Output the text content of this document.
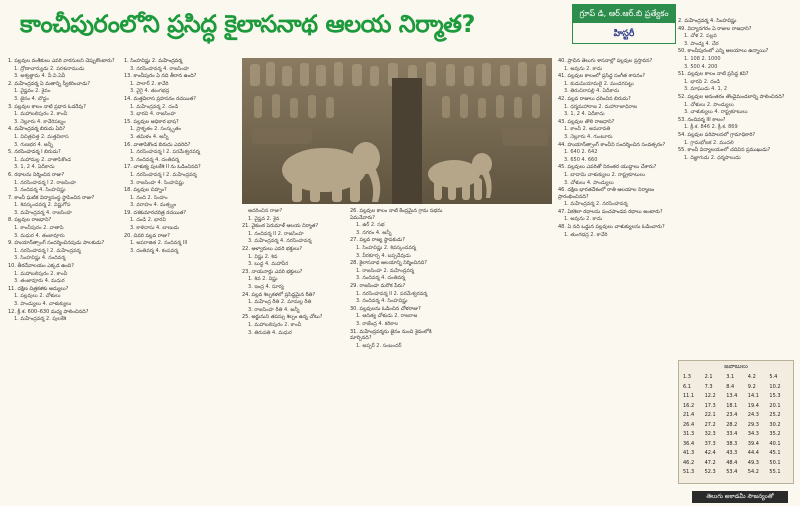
కాంచీపురంలోని ప్రసిద్ధ కైలాసనాథ ఆలయ నిర్మాత?	గ్రూప్ డి, ఆర్.ఆర్.బి ప్రత్యేకం
హిస్టరీ
1. పల్లవుల వంశీకులు ఎవరి వారసులని చెప్పుకొంటారు?
1. ద్రోణాచార్యుడు 2. పరశురాముడు
3. అశ్వత్థామ 4. వీ.వి.ఏవీ
2. మహేంద్రవర్మ ఏ మతాన్ని స్వీకరించాడు?
1. వైష్ణవం 2. శైవం
3. జైనం 4. బౌద్ధం
3. పల్లవుల కాలం నాటి ప్రధాన ఓడరేవు?
1. మహాబలిపురం 2. కాంచీ
3. నెల్లూరు 4. కావేరిపట్నం
4. మహేంద్రవర్మ బిరుదు ఏది?
1. విచిత్రచిత్త 2. మత్తవిలాస
3. గుణభర 4. అన్నీ
5. నరసింహవర్మ I బిరుదు?
1. మహామల్ల 2. వాతాపికొండ
3. 1, 2 4. ఏదీకాదు
6. రథాలను నిర్మించిన రాజు?
1. నరసింహవర్మ I 2. రాజసింహ
3. నందివర్మ 4. సింహవిష్ణు
7. కాంచీ ఘటిక విద్యాసంస్థ స్థాపించిన రాజు?
1. శివస్కందవర్మ 2. విష్ణుగోప
3. మహేంద్రవర్మ 4. రాజసింహ
8. పల్లవుల రాజధాని?
1. కాంచీపురం 2. వాతాపి
3. మధుర 4. తంజావూరు
9. హుయాన్‌త్సాంగ్ సందర్శించినపుడు పాలకుడు?
1. నరసింహవర్మ I 2. మహేంద్రవర్మ
3. సింహవిష్ణు 4. నందివర్మ
10. తీరదేవాలయం ఎక్కడ ఉంది?
1. మహాబలిపురం 2. కాంచీ
3. తంజావూరు 4. మధుర
11. దక్షిణ చిత్రకళకు ఆద్యులు?
1. పల్లవులు 2. చోళులు
3. పాండ్యులు 4. చాళుక్యులు
12. క్రీ.శ. 600–630 మధ్య పాలించినది?
1. మహేంద్రవర్మ 2. పులకేశి
1. సింహవిష్ణు 2. మహేంద్రవర్మ
3. నరసింహవర్మ 4. రాజసింహ
13. కాంచీపురం ఏ నది తీరాన ఉంది?
1. పాలార్ 2. కావేరి
3. వైగై 4. తుంగభద్ర
14. మత్తవిలాస ప్రహసనం రచయిత?
1. మహేంద్రవర్మ 2. దండి
3. భారవి 4. రాజసింహ
15. పల్లవుల అధికార భాష?
1. ప్రాకృతం 2. సంస్కృతం
3. తమిళం 4. అన్నీ
16. వాతాపికొండ బిరుదు ఎవరిది?
1. నరసింహవర్మ I 2. పరమేశ్వరవర్మ
3. నందివర్మ 4. దంతివర్మ
17. చాళుక్య పులకేశి II ను ఓడించినది?
1. నరసింహవర్మ I 2. మహేంద్రవర్మ
3. రాజసింహ 4. సింహవిష్ణు
18. పల్లవుల చిహ్నం?
1. నంది 2. సింహం
3. వరాహం 4. మత్స్యం
19. దశకుమారచరిత్ర రచయిత?
1. దండి 2. భారవి
3. కాళిదాసు 4. బాణుడు
20. చివరి పల్లవ రాజు?
1. అపరాజిత 2. నందివర్మ III
3. దంతివర్మ 4. కంపవర్మ
ఆదరించిన రాజు?
1. వైష్ణవ 2. శైవ
21. వైకుంఠ పెరుమాళ్ ఆలయ నిర్మాత?
1. నందివర్మ II 2. రాజసింహ
3. మహేంద్రవర్మ 4. నరసింహవర్మ
22. ఆళ్వారులు ఎవరి భక్తులు?
1. విష్ణు 2. శివ
3. బుద్ధ 4. మహావీర
23. నాయనార్లు ఎవరి భక్తులు?
1. శివ 2. విష్ణు
3. ఇంద్ర 4. సూర్య
24. పల్లవ శిల్పకళలో ప్రసిద్ధమైన రీతి?
1. మహేంద్ర రీతి 2. మామల్ల రీతి
3. రాజసింహ రీతి 4. అన్నీ
25. అర్జునుని తపస్సు శిల్పం ఉన్న చోటు?
1. మహాబలిపురం 2. కాంచీ
3. తిరుపతి 4. మధుర
26. పల్లవుల కాలం నాటి కేంద్రమైన గ్రామ సభను ఏమనేవారు?
1. ఉర్ 2. సభ
3. నగరం 4. అన్నీ
27. పల్లవ రాజ్య స్థాపకుడు?
1. సింహవిష్ణు 2. శివస్కందవర్మ
3. వీరకూర్చ 4. బప్పదేవుడు
28. కైలాసనాథ ఆలయాన్ని నిర్మించినది?
1. రాజసింహ 2. మహేంద్రవర్మ
3. నందివర్మ 4. దంతివర్మ
29. రాజసింహ మరొక పేరు?
1. నరసింహవర్మ II 2. పరమేశ్వరవర్మ
3. నందివర్మ 4. సింహవిష్ణు
30. పల్లవులను ఓడించిన చోళరాజు?
1. ఆదిత్య చోళుడు 2. రాజరాజ
3. రాజేంద్ర 4. కరికాల
31. మహేంద్రవర్మను జైనం నుంచి శైవంలోకి మార్చినది?
1. అప్పర్ 2. సంబందర్
40. ప్రాచీన తెలుగు శాసనాల్లో పల్లవుల ప్రస్తావన?
1. అవును 2. కాదు
41. పల్లవుల కాలంలో ప్రసిద్ధ సంగీత శాసనం?
1. కుడుమియామలై 2. మండగపట్టు
3. తిరుచిరాపల్లి 4. ఏదీకాదు
42. పల్లవ రాజులు ధరించిన బిరుదు?
1. ధర్మమహారాజ 2. మహారాజాధిరాజ
3. 1, 2 4. ఏదీకాదు
43. పల్లవుల తొలి రాజధాని?
1. కాంచీ 2. అమరావతి
3. నెల్లూరు 4. గుంటూరు
44. హుయాన్‌త్సాంగ్ కాంచీని సందర్శించిన సంవత్సరం?
1. 640 2. 642
3. 650 4. 660
45. పల్లవులు ఎవరితో నిరంతర యుద్ధాలు చేశారు?
1. బాదామి చాళుక్యులు 2. రాష్ట్రకూటులు
3. చోళులు 4. పాండ్యులు
46. దక్షిణ భారతదేశంలో రాతి ఆలయాల నిర్మాణం ప్రారంభించినది?
1. మహేంద్రవర్మ 2. నరసింహవర్మ
47. ఏకశిలా రథాలను పంచపాండవ రథాలు అంటారు?
1. అవును 2. కాదు
48. ఏ నది ఒడ్డున పల్లవులు చాళుక్యులను ఓడించారు?
1. తుంగభద్ర 2. కావేరి
2. మహేంద్రవర్మ 4. సింహవిష్ణు
49. విద్యానగరం ఏ రాజుల రాజధాని?
1. చోళ 2. పల్లవ
3. పాండ్య 4. చేర
50. కాంచీపురంలో ఎన్ని ఆలయాలు ఉన్నాయి?
1. 108 2. 1000
3. 500 4. 200
51. పల్లవుల కాలం నాటి ప్రసిద్ధ కవి?
1. భారవి 2. దండి
3. మాఘుడు 4. 1, 2
52. పల్లవుల అనంతరం తొండైమండలాన్ని పాలించినది?
1. చోళులు 2. పాండ్యులు
3. చాళుక్యులు 4. రాష్ట్రకూటులు
53. నందివర్మ III కాలం?
1. క్రీ.శ. 846 2. క్రీ.శ. 869
54. పల్లవుల పరిపాలనలో గ్రామాధికారి?
1. గ్రామభోజక 2. ముదలి
55. కాంచీ విద్యాలయంలో చదివిన ప్రముఖుడు?
1. దిజ్ఞాగుడు 2. ధర్మపాలుడు
జవాబులు
1.3	2.1	3.1	4.2	5.4
6.1	7.3	8.4	9.2	10.2
11.1	12.2	13.4	14.1	15.3
16.2	17.3	18.1	19.4	20.1
21.4	22.1	23.4	24.3	25.2
26.4	27.2	28.2	29.3	30.2
31.3	32.3	33.4	34.3	35.2
36.4	37.3	38.3	39.4	40.1
41.3	42.4	43.3	44.4	45.1
46.2	47.2	48.4	49.3	50.1
51.3	52.3	53.4	54.2	55.1
తెలుగు అకాడమీ సౌజన్యంతో
